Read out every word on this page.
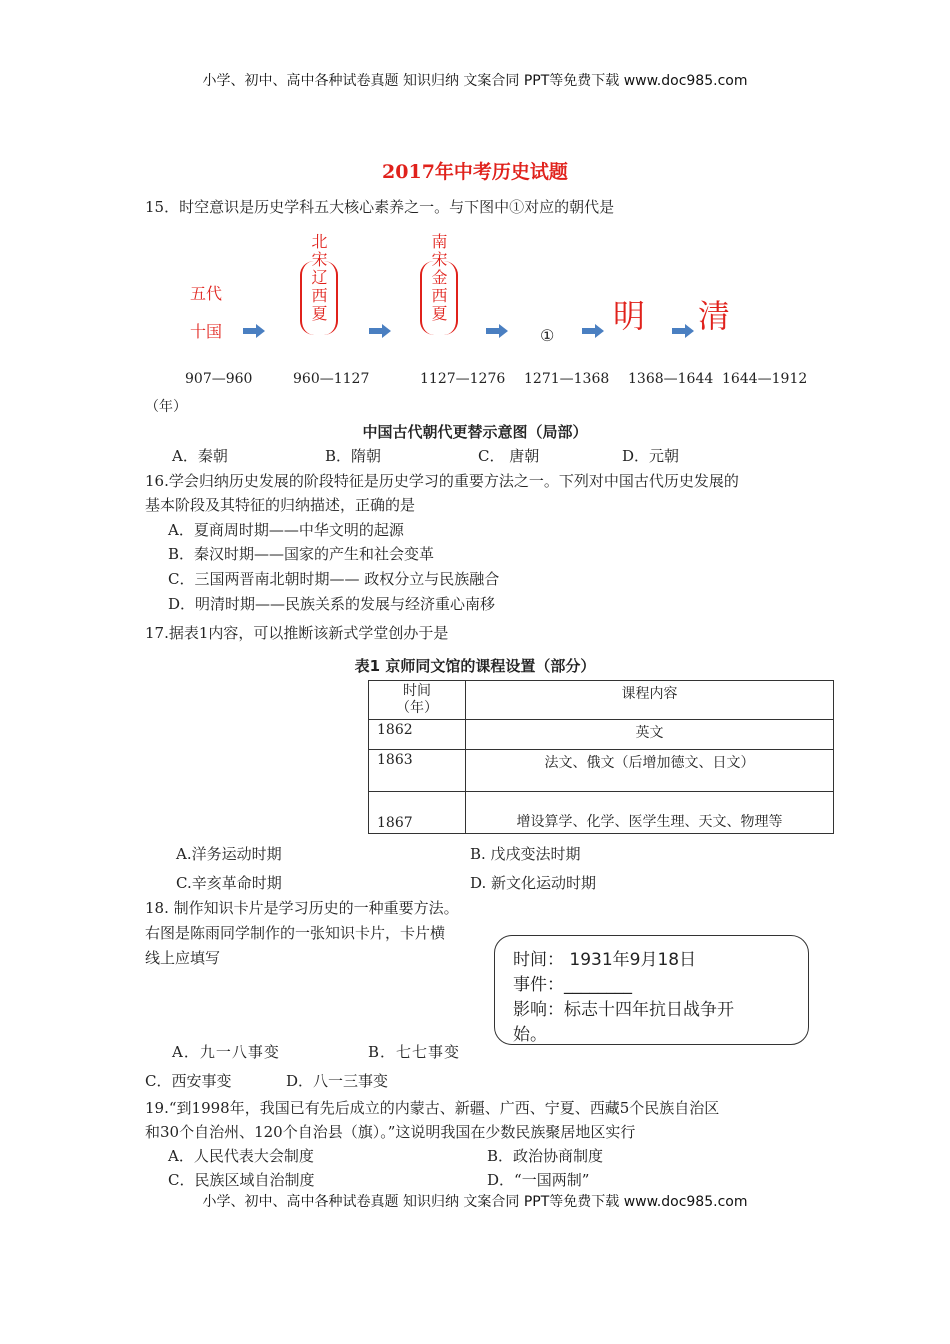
小学、初中、高中各种试卷真题 知识归纳 文案合同 PPT等免费下载 www.doc985.com
2017年中考历史试题
15．时空意识是历史学科五大核心素养之一。与下图中①对应的朝代是
五代
十国
北宋辽西夏	南宋金西夏
①
明 清
907—960	960—1127	1127—1276 1271—1368 1368—1644 1644—1912
（年）
中国古代朝代更替示意图（局部）
A．秦朝	B．隋朝	C． 唐朝	D．元朝
16.学会归纳历史发展的阶段特征是历史学习的重要方法之一。下列对中国古代历史发展的
基本阶段及其特征的归纳描述，正确的是
A．夏商周时期——中华文明的起源
B．秦汉时期——国家的产生和社会变革
C．三国两晋南北朝时期—— 政权分立与民族融合
D．明清时期——民族关系的发展与经济重心南移
17.据表1内容，可以推断该新式学堂创办于是
表1 京师同文馆的课程设置（部分）
时间
（年）	课程内容
1862	英文
1863	法文、俄文（后增加德文、日文）
1867	增设算学、化学、医学生理、天文、物理等
A.洋务运动时期	B. 戊戌变法时期
C.辛亥革命时期	D. 新文化运动时期
18. 制作知识卡片是学习历史的一种重要方法。
右图是陈雨同学制作的一张知识卡片，卡片横
线上应填写	时间： 1931年9月18日
事件：________
影响：标志十四年抗日战争开
始。
A．九一八事变	B．七七事变
C．西安事变	D．八一三事变
19.“到1998年，我国已有先后成立的内蒙古、新疆、广西、宁夏、西藏5个民族自治区
和30个自治州、120个自治县（旗）。”这说明我国在少数民族聚居地区实行
A．人民代表大会制度	B．政治协商制度
C．民族区域自治制度	D．“一国两制”
小学、初中、高中各种试卷真题 知识归纳 文案合同 PPT等免费下载 www.doc985.com
